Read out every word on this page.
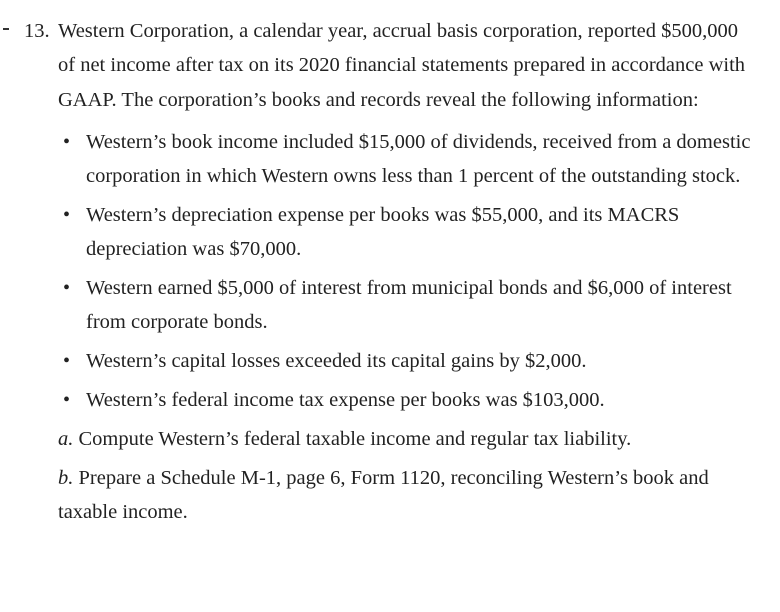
13. Western Corporation, a calendar year, accrual basis corporation, reported $500,000 of net income after tax on its 2020 financial statements prepared in accordance with GAAP. The corporation’s books and records reveal the following information:
• Western’s book income included $15,000 of dividends, received from a domestic corporation in which Western owns less than 1 percent of the outstanding stock.
• Western’s depreciation expense per books was $55,000, and its MACRS depreciation was $70,000.
• Western earned $5,000 of interest from municipal bonds and $6,000 of interest from corporate bonds.
• Western’s capital losses exceeded its capital gains by $2,000.
• Western’s federal income tax expense per books was $103,000.
a. Compute Western’s federal taxable income and regular tax liability.
b. Prepare a Schedule M-1, page 6, Form 1120, reconciling Western’s book and taxable income.
